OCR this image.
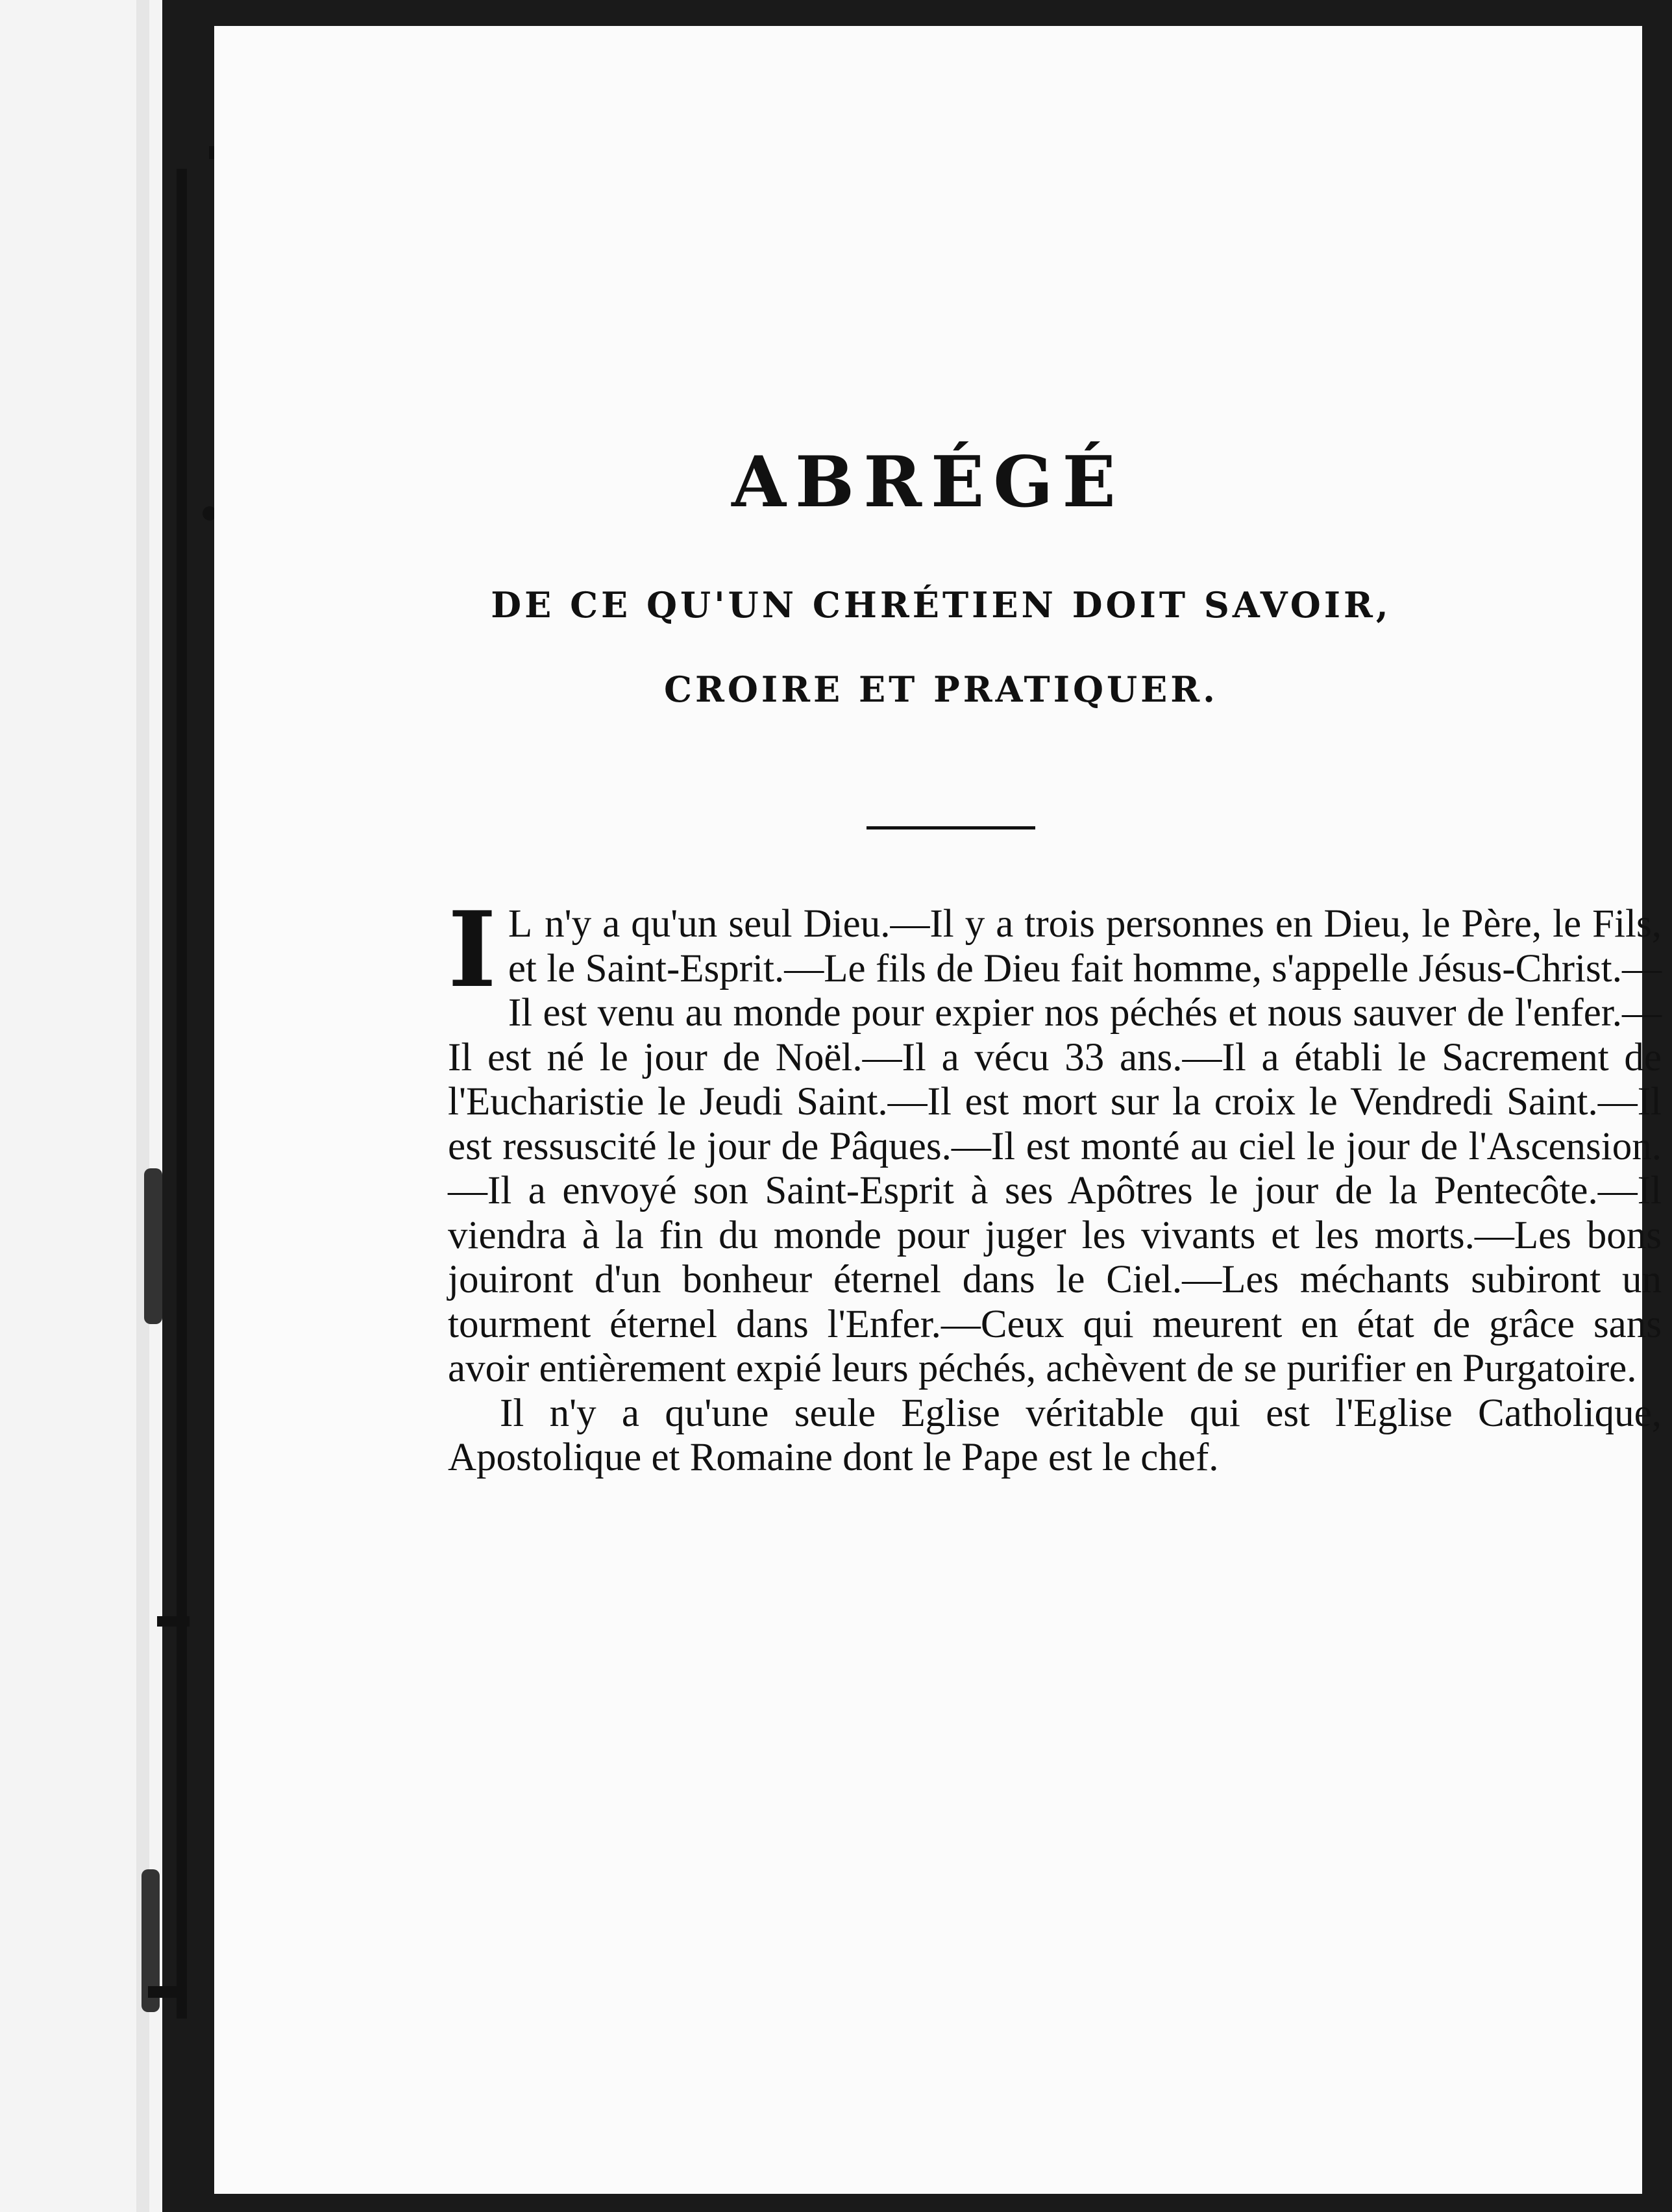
ABRÉGÉ
DE CE QU'UN CHRÉTIEN DOIT SAVOIR,
CROIRE ET PRATIQUER.

I L n'y a qu'un seul Dieu.—Il y a trois personnes en Dieu, le Père, le Fils, et le Saint-Esprit.—Le fils de Dieu fait homme, s'appelle Jésus-Christ.—Il est venu au monde pour expier nos péchés et nous sauver de l'enfer.—Il est né le jour de Noël.—Il a vécu 33 ans.—Il a établi le Sacrement de l'Eucharistie le Jeudi Saint.—Il est mort sur la croix le Vendredi Saint.—Il est ressuscité le jour de Pâques.—Il est monté au ciel le jour de l'Ascension.—Il a envoyé son Saint-Esprit à ses Apôtres le jour de la Pentecôte.—Il viendra à la fin du monde pour juger les vivants et les morts.—Les bons jouiront d'un bonheur éternel dans le Ciel.—Les méchants subiront un tourment éternel dans l'Enfer.—Ceux qui meurent en état de grâce sans avoir entièrement expié leurs péchés, achèvent de se purifier en Purgatoire.

Il n'y a qu'une seule Eglise véritable qui est l'Eglise Catholique, Apostolique et Romaine dont le Pape est le chef.
